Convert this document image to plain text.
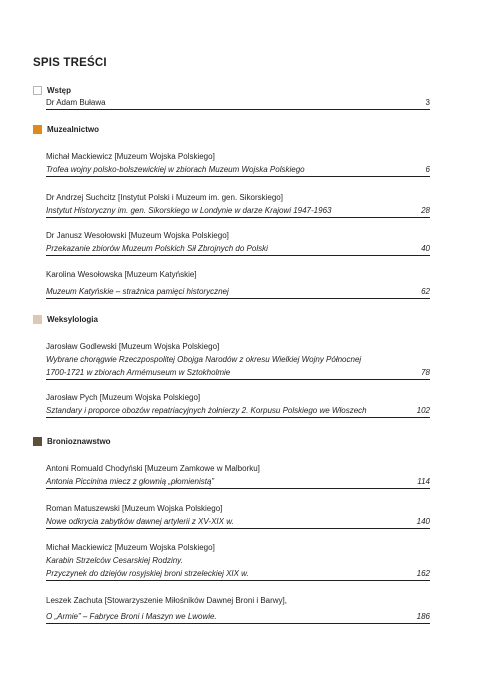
SPIS TREŚCI
Wstęp
Dr Adam Buława	3
Muzealnictwo
Michał Mackiewicz [Muzeum Wojska Polskiego]
Trofea wojny polsko-bolszewickiej w zbiorach Muzeum Wojska Polskiego	6
Dr Andrzej Suchcitz [Instytut Polski i Muzeum im. gen. Sikorskiego]
Instytut Historyczny im. gen. Sikorskiego w Londynie w darze Krajowi 1947-1963	28
Dr Janusz Wesołowski [Muzeum Wojska Polskiego]
Przekazanie zbiorów Muzeum Polskich Sił Zbrojnych do Polski	40
Karolina Wesołowska [Muzeum Katyńskie]
Muzeum Katyńskie – strażnica pamięci historycznej	62
Weksylologia
Jarosław Godlewski [Muzeum Wojska Polskiego]
Wybrane chorągwie Rzeczpospolitej Obojga Narodów z okresu Wielkiej Wojny Północnej
1700-1721 w zbiorach Armémuseum w Sztokholmie	78
Jarosław Pych [Muzeum Wojska Polskiego]
Sztandary i proporce obozów repatriacyjnych żołnierzy 2. Korpusu Polskiego we Włoszech	102
Bronioznawstwo
Antoni Romuald Chodyński [Muzeum Zamkowe w Malborku]
Antonia Piccinina miecz z głownią „płomienistą”	114
Roman Matuszewski [Muzeum Wojska Polskiego]
Nowe odkrycia zabytków dawnej artylerii z XV-XIX w.	140
Michał Mackiewicz [Muzeum Wojska Polskiego]
Karabin Strzelców Cesarskiej Rodziny.
Przyczynek do dziejów rosyjskiej broni strzeleckiej XIX w.	162
Leszek Zachuta [Stowarzyszenie Miłośników Dawnej Broni i Barwy],
O „Armie” – Fabryce Broni i Maszyn we Lwowie.	186
